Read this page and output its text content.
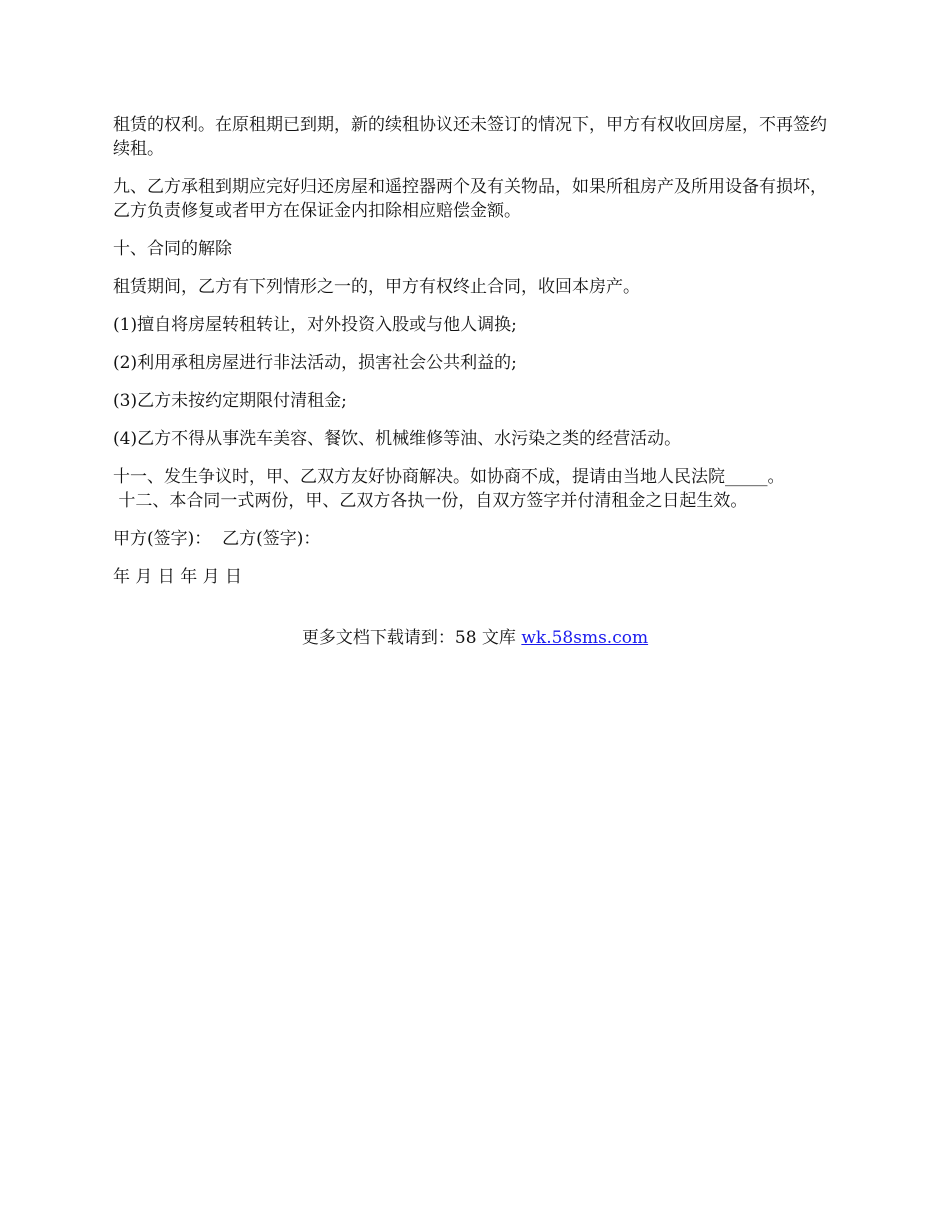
租赁的权利。在原租期已到期，新的续租协议还未签订的情况下，甲方有权收回房屋，不再签约续租。

九、乙方承租到期应完好归还房屋和遥控器两个及有关物品，如果所租房产及所用设备有损坏，乙方负责修复或者甲方在保证金内扣除相应赔偿金额。

十、合同的解除

租赁期间，乙方有下列情形之一的，甲方有权终止合同，收回本房产。

(1)擅自将房屋转租转让，对外投资入股或与他人调换;

(2)利用承租房屋进行非法活动，损害社会公共利益的;

(3)乙方未按约定期限付清租金;

(4)乙方不得从事洗车美容、餐饮、机械维修等油、水污染之类的经营活动。

十一、发生争议时，甲、乙双方友好协商解决。如协商不成，提请由当地人民法院_____。

十二、本合同一式两份，甲、乙双方各执一份，自双方签字并付清租金之日起生效。

甲方(签字)：  乙方(签字)：

年 月 日 年 月 日

更多文档下载请到：58 文库 wk.58sms.com
